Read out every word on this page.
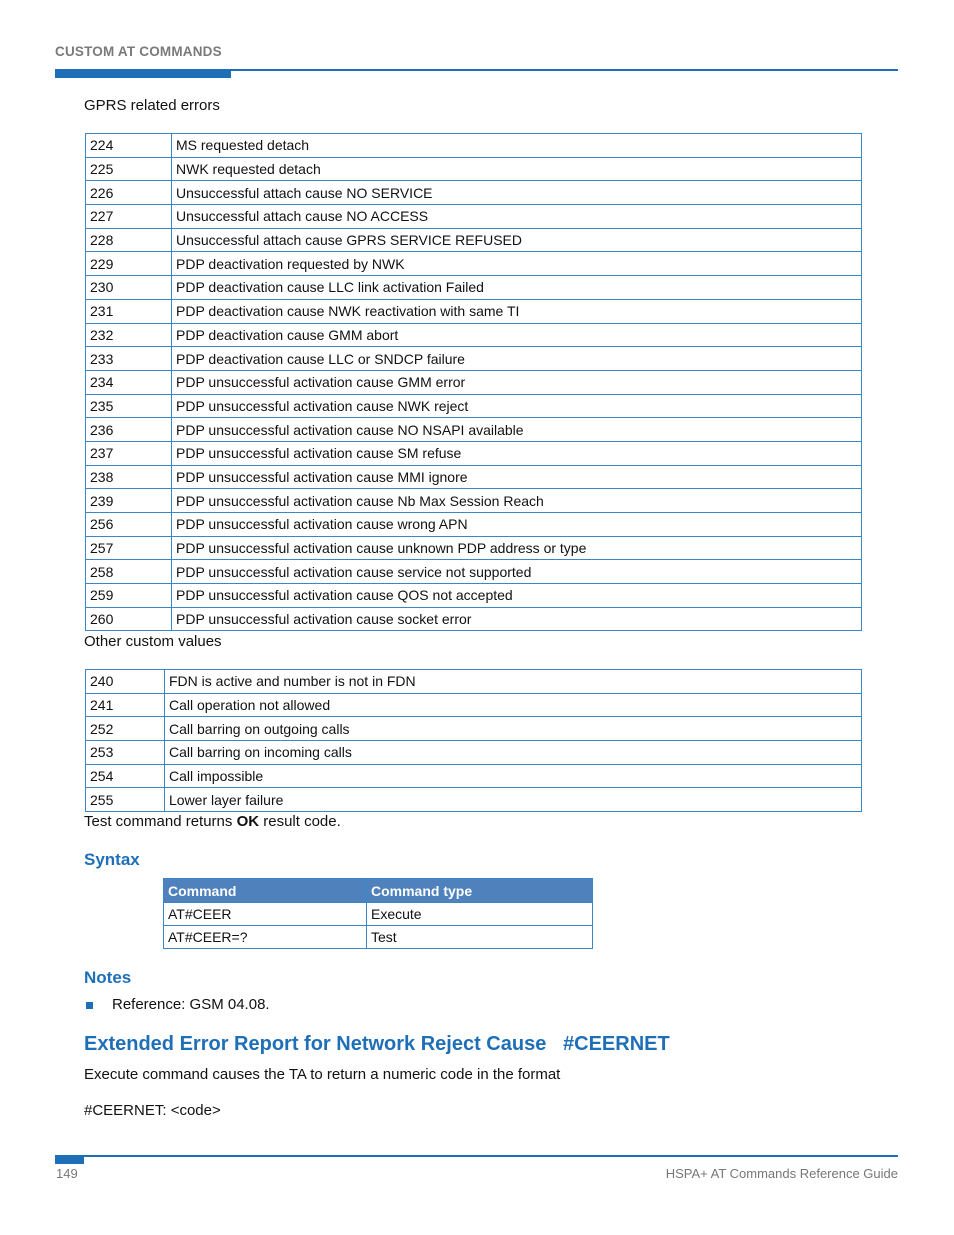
CUSTOM AT COMMANDS
GPRS related errors
224	MS requested detach
225	NWK requested detach
226	Unsuccessful attach cause NO SERVICE
227	Unsuccessful attach cause NO ACCESS
228	Unsuccessful attach cause GPRS SERVICE REFUSED
229	PDP deactivation requested by NWK
230	PDP deactivation cause LLC link activation Failed
231	PDP deactivation cause NWK reactivation with same TI
232	PDP deactivation cause GMM abort
233	PDP deactivation cause LLC or SNDCP failure
234	PDP unsuccessful activation cause GMM error
235	PDP unsuccessful activation cause NWK reject
236	PDP unsuccessful activation cause NO NSAPI available
237	PDP unsuccessful activation cause SM refuse
238	PDP unsuccessful activation cause MMI ignore
239	PDP unsuccessful activation cause Nb Max Session Reach
256	PDP unsuccessful activation cause wrong APN
257	PDP unsuccessful activation cause unknown PDP address or type
258	PDP unsuccessful activation cause service not supported
259	PDP unsuccessful activation cause QOS not accepted
260	PDP unsuccessful activation cause socket error
Other custom values
240	FDN is active and number is not in FDN
241	Call operation not allowed
252	Call barring on outgoing calls
253	Call barring on incoming calls
254	Call impossible
255	Lower layer failure
Test command returns OK result code.
Syntax
Command	Command type
AT#CEER	Execute
AT#CEER=?	Test
Notes
Reference: GSM 04.08.
Extended Error Report for Network Reject Cause   #CEERNET
Execute command causes the TA to return a numeric code in the format
#CEERNET: <code>
149	HSPA+ AT Commands Reference Guide
